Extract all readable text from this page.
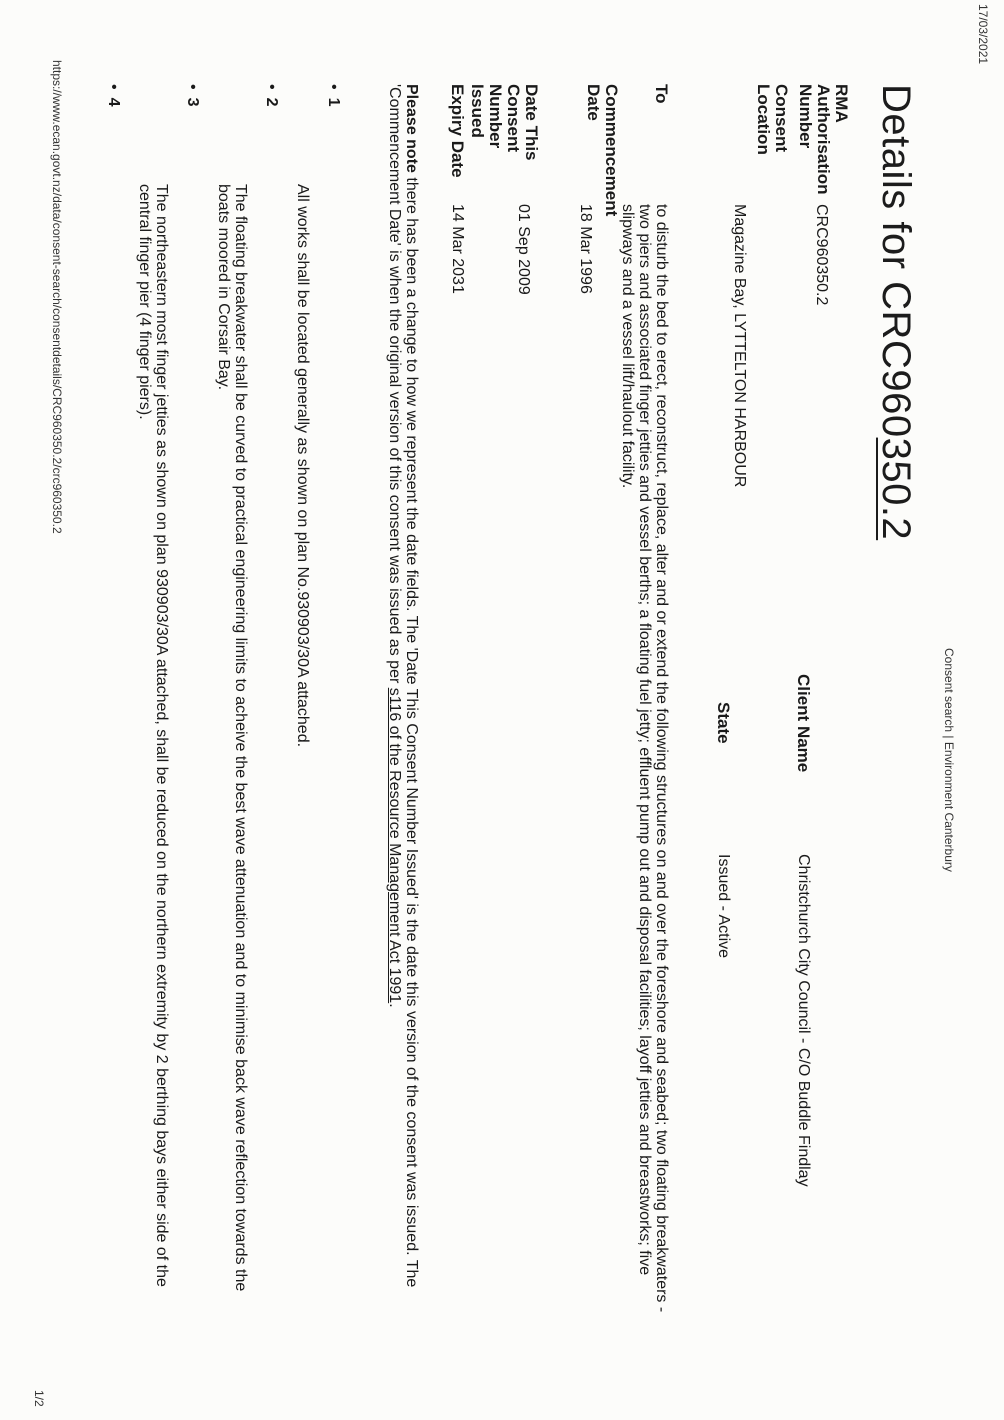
17/03/2021
Consent search | Environment Canterbury
Details for CRC960350.2
RMA Authorisation Number
CRC960350.2
Client Name
Christchurch City Council - C/O Buddle Findlay
Consent Location
Magazine Bay, LYTTELTON HARBOUR
State
Issued - Active
To
to disturb the bed to erect, reconstruct, replace, alter and or extend the following structures on and over the foreshore and seabed; two floating breakwaters - two piers and associated finger jetties and vessel berths; a floating fuel jetty; effluent pump out and disposal facilities; layoff jetties and breastworks; five slipways and a vessel lift/haulout facility.
Commencement Date
18 Mar 1996
Date This Consent Number Issued
01 Sep 2009
Expiry Date
14 Mar 2031

Please note there has been a change to how we represent the date fields. The 'Date This Consent Number Issued' is the date this version of the consent was issued. The 'Commencement Date' is when the original version of this consent was issued as per s116 of the Resource Management Act 1991.

• 1
All works shall be located generally as shown on plan No.930903/30A attached.
• 2
The floating breakwater shall be curved to practical engineering limits to acheive the best wave attenuation and to minimise back wave reflection towards the boats moored in Corsair Bay.
• 3
The northeastern most finger jetties as shown on plan 930903/30A attached, shall be reduced on the northern extremity by 2 berthing bays either side of the central finger pier (4 finger piers).
• 4
https://www.ecan.govt.nz/data/consent-search/consentdetails/CRC960350.2/crc960350.2
1/2
